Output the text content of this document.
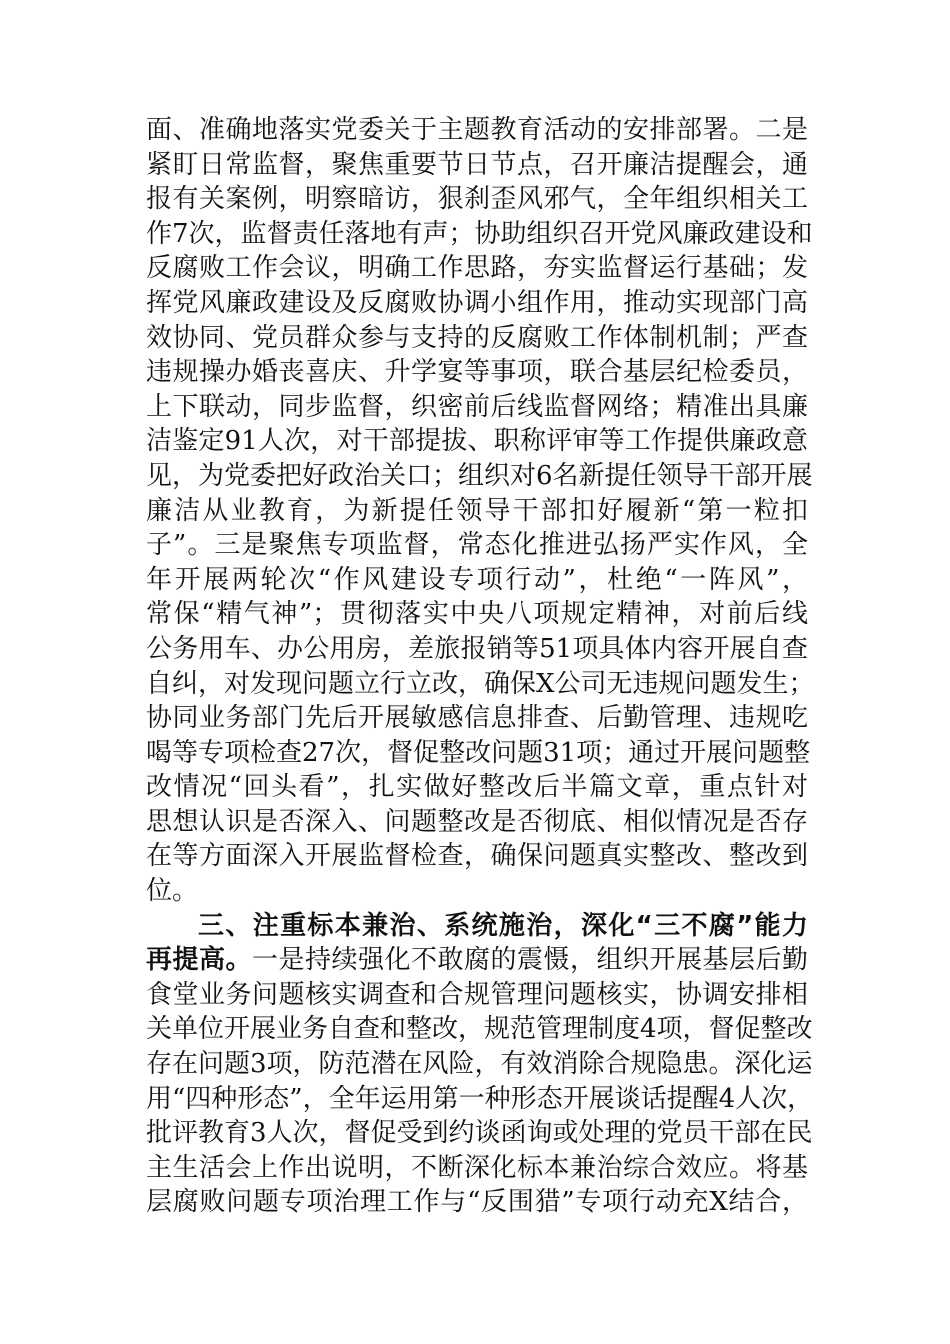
面、准确地落实党委关于主题教育活动的安排部署。二是
紧盯日常监督，聚焦重要节日节点，召开廉洁提醒会，通
报有关案例，明察暗访，狠刹歪风邪气，全年组织相关工
作7次，监督责任落地有声；协助组织召开党风廉政建设和
反腐败工作会议，明确工作思路，夯实监督运行基础；发
挥党风廉政建设及反腐败协调小组作用，推动实现部门高
效协同、党员群众参与支持的反腐败工作体制机制；严查
违规操办婚丧喜庆、升学宴等事项，联合基层纪检委员，
上下联动，同步监督，织密前后线监督网络；精准出具廉
洁鉴定91人次，对干部提拔、职称评审等工作提供廉政意
见，为党委把好政治关口；组织对6名新提任领导干部开展
廉洁从业教育，为新提任领导干部扣好履新“第一粒扣
子”。三是聚焦专项监督，常态化推进弘扬严实作风，全
年开展两轮次“作风建设专项行动”，杜绝“一阵风”，
常保“精气神”；贯彻落实中央八项规定精神，对前后线
公务用车、办公用房，差旅报销等51项具体内容开展自查
自纠，对发现问题立行立改，确保X公司无违规问题发生；
协同业务部门先后开展敏感信息排查、后勤管理、违规吃
喝等专项检查27次，督促整改问题31项；通过开展问题整
改情况“回头看”，扎实做好整改后半篇文章，重点针对
思想认识是否深入、问题整改是否彻底、相似情况是否存
在等方面深入开展监督检查，确保问题真实整改、整改到
位。
三、注重标本兼治、系统施治，深化“三不腐”能力
再提高。一是持续强化不敢腐的震慑，组织开展基层后勤
食堂业务问题核实调查和合规管理问题核实，协调安排相
关单位开展业务自查和整改，规范管理制度4项，督促整改
存在问题3项，防范潜在风险，有效消除合规隐患。深化运
用“四种形态”，全年运用第一种形态开展谈话提醒4人次，
批评教育3人次，督促受到约谈函询或处理的党员干部在民
主生活会上作出说明，不断深化标本兼治综合效应。将基
层腐败问题专项治理工作与“反围猎”专项行动充X结合，
